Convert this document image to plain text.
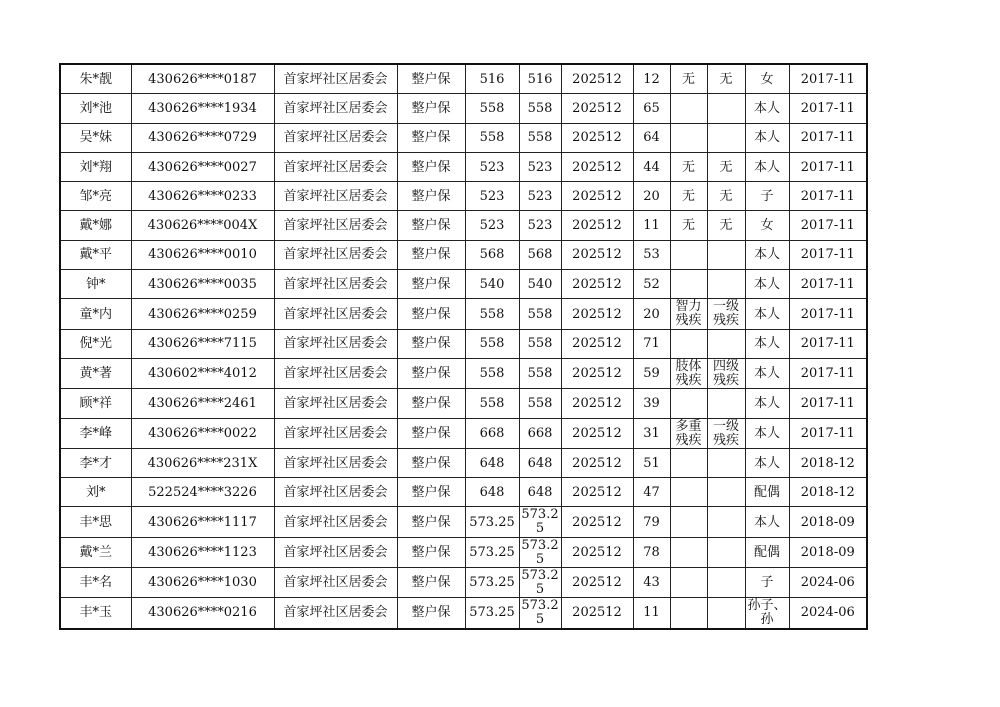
朱*靓	430626****0187	首家坪社区居委会	整户保	516	516	202512	12	无	无	女	2017-11
刘*池	430626****1934	首家坪社区居委会	整户保	558	558	202512	65			本人	2017-11
吴*妹	430626****0729	首家坪社区居委会	整户保	558	558	202512	64			本人	2017-11
刘*翔	430626****0027	首家坪社区居委会	整户保	523	523	202512	44	无	无	本人	2017-11
邹*亮	430626****0233	首家坪社区居委会	整户保	523	523	202512	20	无	无	子	2017-11
戴*娜	430626****004X	首家坪社区居委会	整户保	523	523	202512	11	无	无	女	2017-11
戴*平	430626****0010	首家坪社区居委会	整户保	568	568	202512	53			本人	2017-11
钟*	430626****0035	首家坪社区居委会	整户保	540	540	202512	52			本人	2017-11
童*内	430626****0259	首家坪社区居委会	整户保	558	558	202512	20	智力残疾	一级残疾	本人	2017-11
倪*光	430626****7115	首家坪社区居委会	整户保	558	558	202512	71			本人	2017-11
黄*著	430602****4012	首家坪社区居委会	整户保	558	558	202512	59	肢体残疾	四级残疾	本人	2017-11
顾*祥	430626****2461	首家坪社区居委会	整户保	558	558	202512	39			本人	2017-11
李*峰	430626****0022	首家坪社区居委会	整户保	668	668	202512	31	多重残疾	一级残疾	本人	2017-11
李*才	430626****231X	首家坪社区居委会	整户保	648	648	202512	51			本人	2018-12
刘*	522524****3226	首家坪社区居委会	整户保	648	648	202512	47			配偶	2018-12
丰*思	430626****1117	首家坪社区居委会	整户保	573.25	573.25	202512	79			本人	2018-09
戴*兰	430626****1123	首家坪社区居委会	整户保	573.25	573.25	202512	78			配偶	2018-09
丰*名	430626****1030	首家坪社区居委会	整户保	573.25	573.25	202512	43			子	2024-06
丰*玉	430626****0216	首家坪社区居委会	整户保	573.25	573.25	202512	11			孙子、孙	2024-06
